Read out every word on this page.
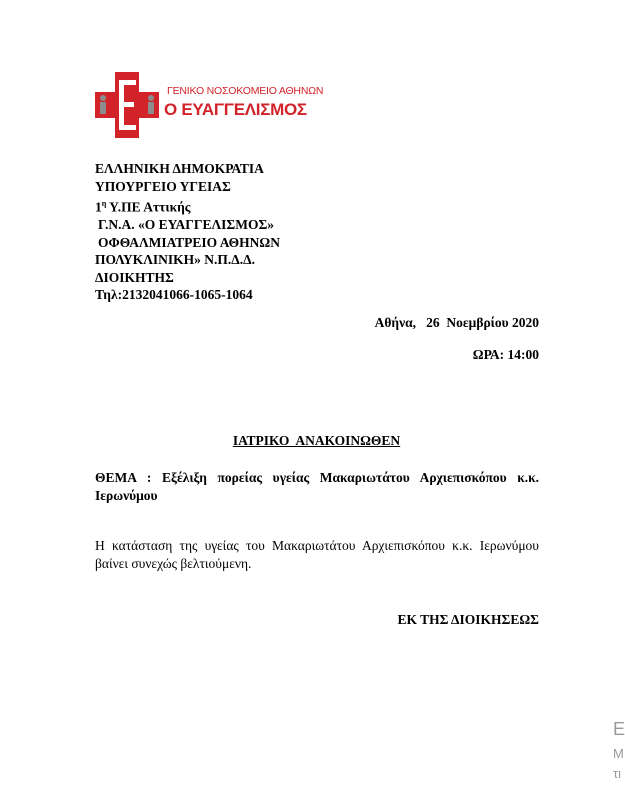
ΓΕΝΙΚΟ ΝΟΣΟΚΟΜΕΙΟ ΑΘΗΝΩΝ
Ο ΕΥΑΓΓΕΛΙΣΜΟΣ
ΕΛΛΗΝΙΚΗ ΔΗΜΟΚΡΑΤΙΑ
ΥΠΟΥΡΓΕΙΟ ΥΓΕΙΑΣ
$1^\eta$ Υ.ΠΕ Αττικής
Γ.Ν.Α. «Ο ΕΥΑΓΓΕΛΙΣΜΟΣ»
ΟΦΘΑΛΜΙΑΤΡΕΙΟ ΑΘΗΝΩΝ
ΠΟΛΥΚΛΙΝΙΚΗ» Ν.Π.Δ.Δ.
ΔΙΟΙΚΗΤΗΣ
Τηλ:2132041066-1065-1064
Αθήνα,   26  Νοεμβρίου 2020
ΩΡΑ: 14:00
ΙΑΤΡΙΚΟ  ΑΝΑΚΟΙΝΩΘΕΝ
ΘΕΜΑ : Εξέλιξη πορείας υγείας Μακαριωτάτου Αρχιεπισκόπου κ.κ. Ιερωνύμου
Η κατάσταση της υγείας του Μακαριωτάτου Αρχιεπισκόπου κ.κ. Ιερωνύμου βαίνει συνεχώς βελτιούμενη.
ΕΚ ΤΗΣ ΔΙΟΙΚΗΣΕΩΣ
Ε
Μ
τι
